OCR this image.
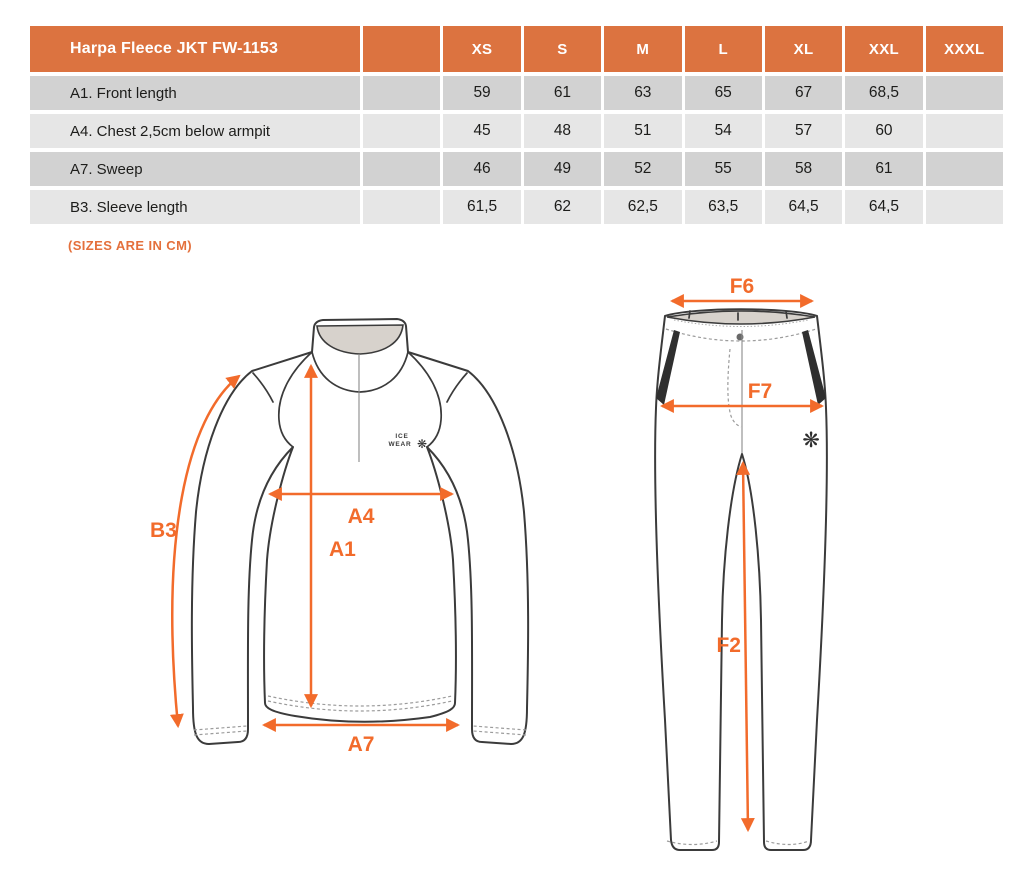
Harpa Fleece JKT FW-1153	XS	S	M	L	XL	XXL	XXXL
A1. Front length	59	61	63	65	67	68,5
A4. Chest 2,5cm below armpit	45	48	51	54	57	60
A7. Sweep	46	49	52	55	58	61
B3. Sleeve length	61,5	62	62,5	63,5	64,5	64,5
(SIZES ARE IN CM)
ICE
WEAR ❋
B3
A4
A1
A7
❋
F6
F7
F2
